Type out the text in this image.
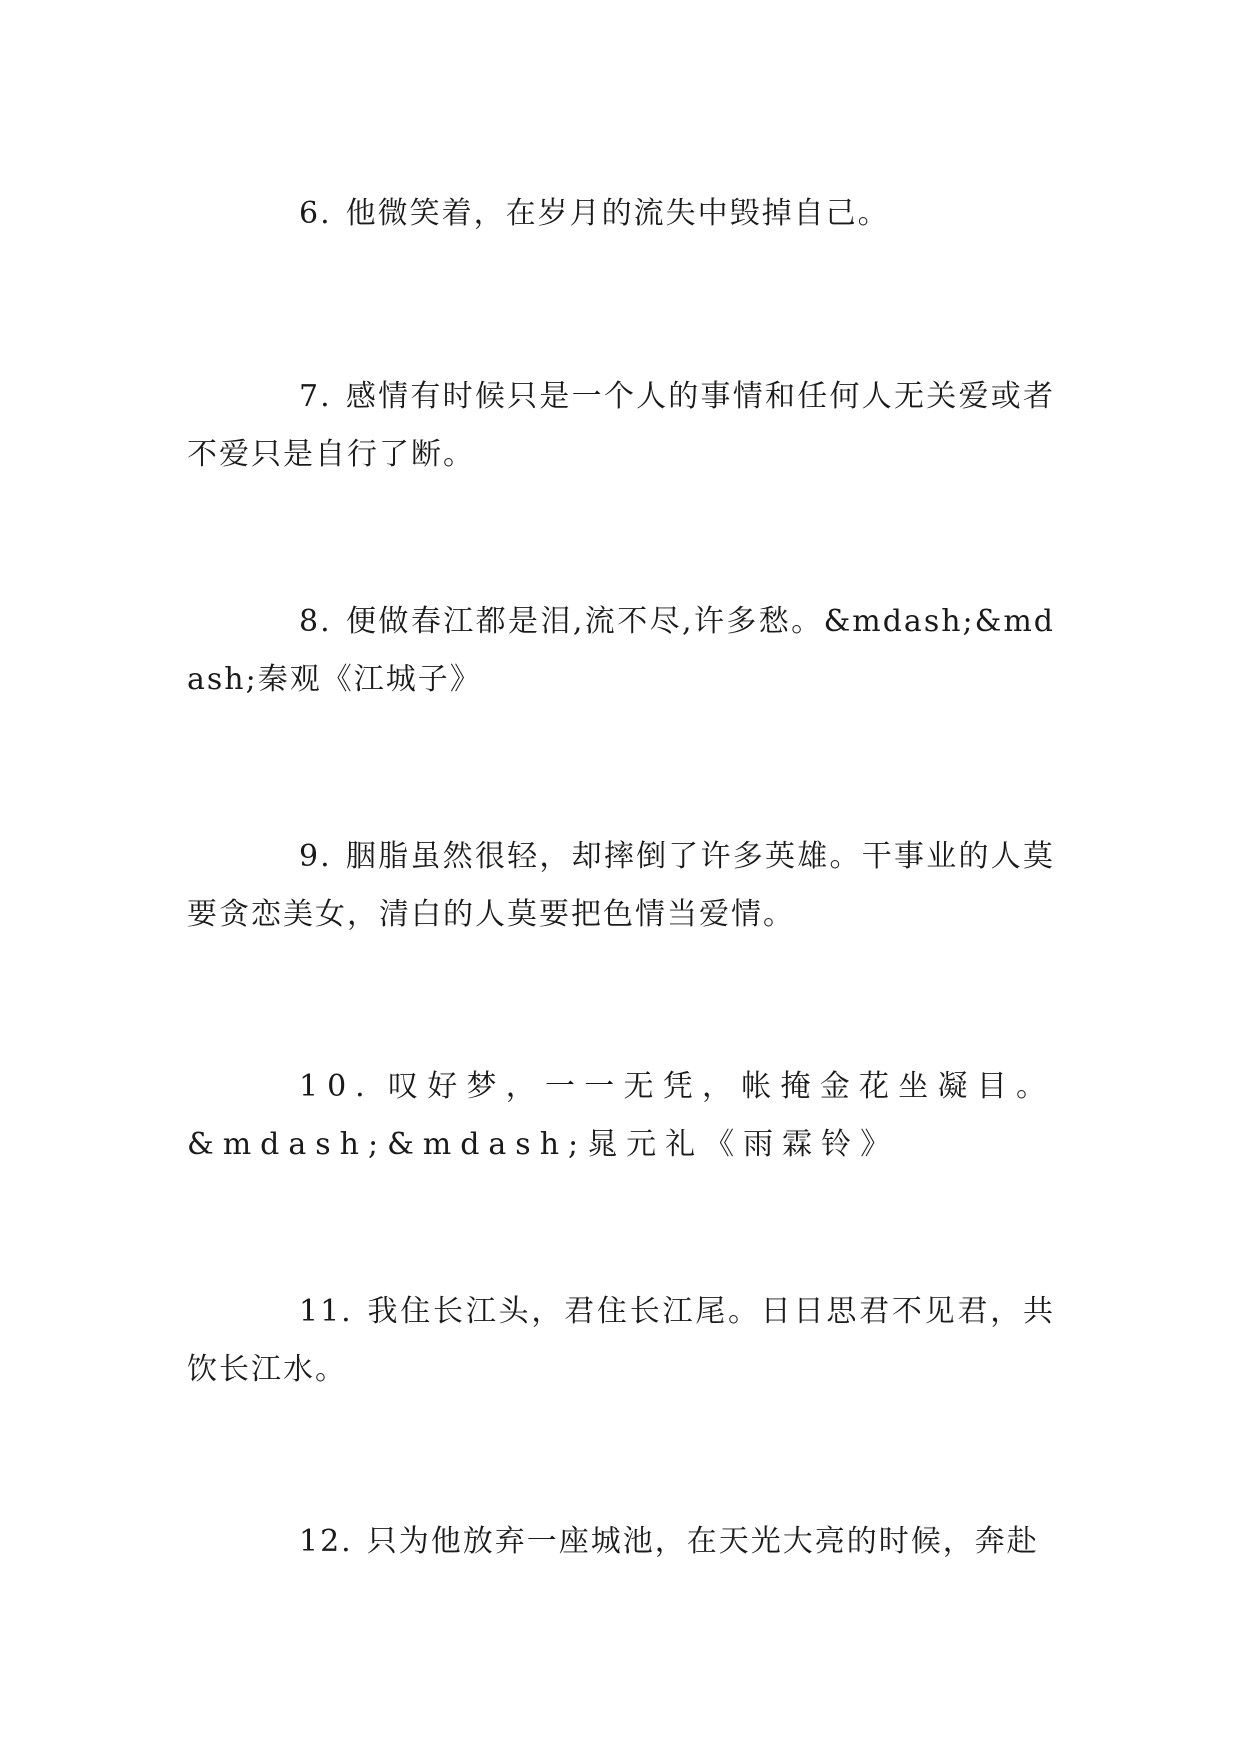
6. 他微笑着，在岁月的流失中毁掉自己。

7. 感情有时候只是一个人的事情和任何人无关爱或者不爱只是自行了断。

8. 便做春江都是泪,流不尽,许多愁。&mdash;&mdash;秦观《江城子》

9. 胭脂虽然很轻，却摔倒了许多英雄。干事业的人莫要贪恋美女，清白的人莫要把色情当爱情。

10. 叹好梦，一一无凭，帐掩金花坐凝目。&mdash;&mdash;晁元礼《雨霖铃》

11. 我住长江头，君住长江尾。日日思君不见君，共饮长江水。

12. 只为他放弃一座城池，在天光大亮的时候，奔赴
